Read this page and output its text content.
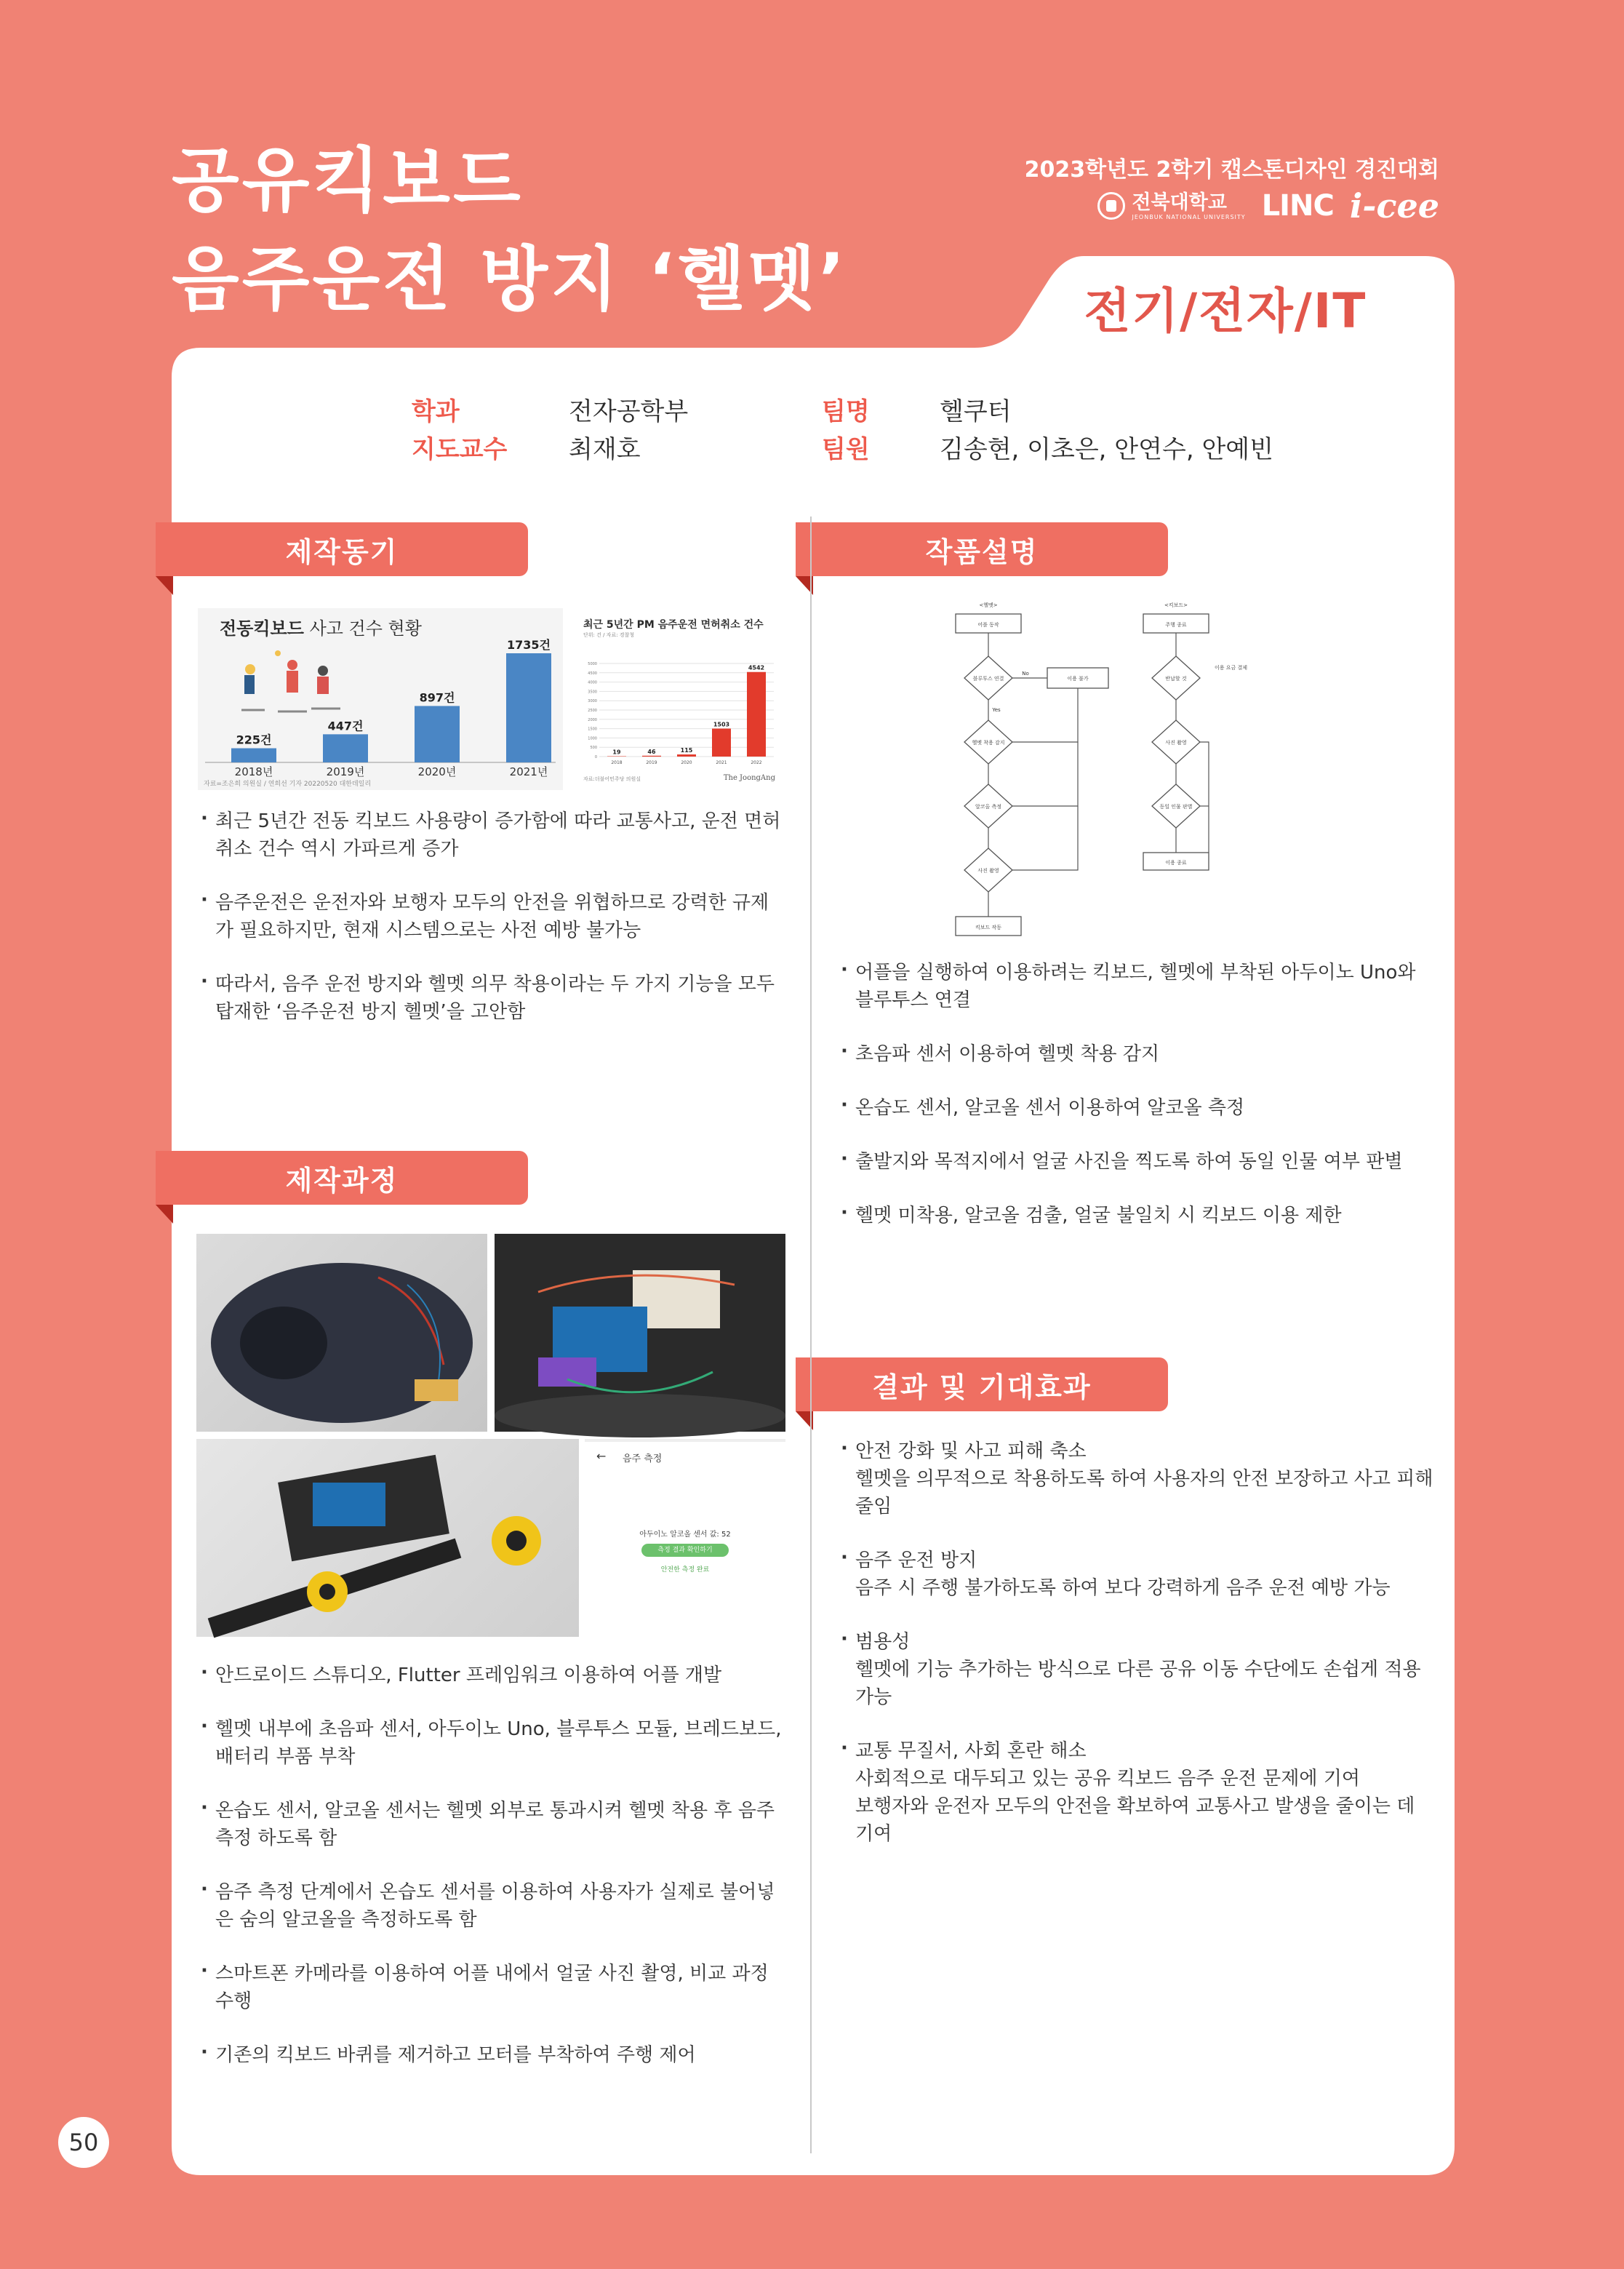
공유킥보드
음주운전 방지 ‘헬멧’
2023학년도 2학기 캡스톤디자인 경진대회
전북대학교
JEONBUK NATIONAL UNIVERSITY LINC i-cee
전기/전자/IT
학과	전자공학부
지도교수 최재호
팀명	헬쿠터
팀원	김송현, 이초은, 안연수, 안예빈
제작동기	작품설명
제작과정
결과 및 기대효과
전동킥보드 사고 건수 현황
225건
2018년
447건
2019년
897건
2020년
1735건
2021년
자료=조은희 의원실 / 연희선 기자 20220520 대한데일리
최근 5년간 PM 음주운전 면허취소 건수
단위: 건 / 자료: 경찰청
0
500
1000
1500
2000
2500
3000
3500
4000
4500
5000
19
2018
46
2019
115
2020
1503
2021
4542
2022
자료:더불어민주당 의원실	The JoongAng
· 최근 5년간 전동 킥보드 사용량이 증가함에 따라 교통사고, 운전 면허 취소 건수 역시 가파르게 증가
· 음주운전은 운전자와 보행자 모두의 안전을 위협하므로 강력한 규제가 필요하지만, 현재 시스템으로는 사전 예방 불가능
· 따라서, 음주 운전 방지와 헬멧 의무 착용이라는 두 가지 기능을 모두 탑재한 ‘음주운전 방지 헬멧’을 고안함
<헬멧>
어플 동작
블루투스 연결
헬멧 착용 감지
알코올 측정
사진 촬영
킥보드 작동
이용 불가
<킥보드>
주행 종료
반납할 것
사진 촬영
동일 인물 판별
이용 종료
이용 요금 결제
No
Yes
· 어플을 실행하여 이용하려는 킥보드, 헬멧에 부착된 아두이노 Uno와 블루투스 연결
· 초음파 센서 이용하여 헬멧 착용 감지
· 온습도 센서, 알코올 센서 이용하여 알코올 측정
· 출발지와 목적지에서 얼굴 사진을 찍도록 하여 동일 인물 여부 판별
· 헬멧 미착용, 알코올 검출, 얼굴 불일치 시 킥보드 이용 제한
← 음주 측정
아두이노 알코올 센서 값: 52
측정 결과 확인하기
안전한 측정 완료
· 안드로이드 스튜디오, Flutter 프레임워크 이용하여 어플 개발
· 헬멧 내부에 초음파 센서, 아두이노 Uno, 블루투스 모듈, 브레드보드, 배터리 부품 부착
· 온습도 센서, 알코올 센서는 헬멧 외부로 통과시켜 헬멧 착용 후 음주 측정 하도록 함
· 음주 측정 단계에서 온습도 센서를 이용하여 사용자가 실제로 불어넣은 숨의 알코올을 측정하도록 함
· 스마트폰 카메라를 이용하여 어플 내에서 얼굴 사진 촬영, 비교 과정 수행
· 기존의 킥보드 바퀴를 제거하고 모터를 부착하여 주행 제어
· 안전 강화 및 사고 피해 축소
헬멧을 의무적으로 착용하도록 하여 사용자의 안전 보장하고 사고 피해 줄임
· 음주 운전 방지
음주 시 주행 불가하도록 하여 보다 강력하게 음주 운전 예방 가능
· 범용성
헬멧에 기능 추가하는 방식으로 다른 공유 이동 수단에도 손쉽게 적용 가능
· 교통 무질서, 사회 혼란 해소
사회적으로 대두되고 있는 공유 킥보드 음주 운전 문제에 기여
보행자와 운전자 모두의 안전을 확보하여 교통사고 발생을 줄이는 데 기여
50
